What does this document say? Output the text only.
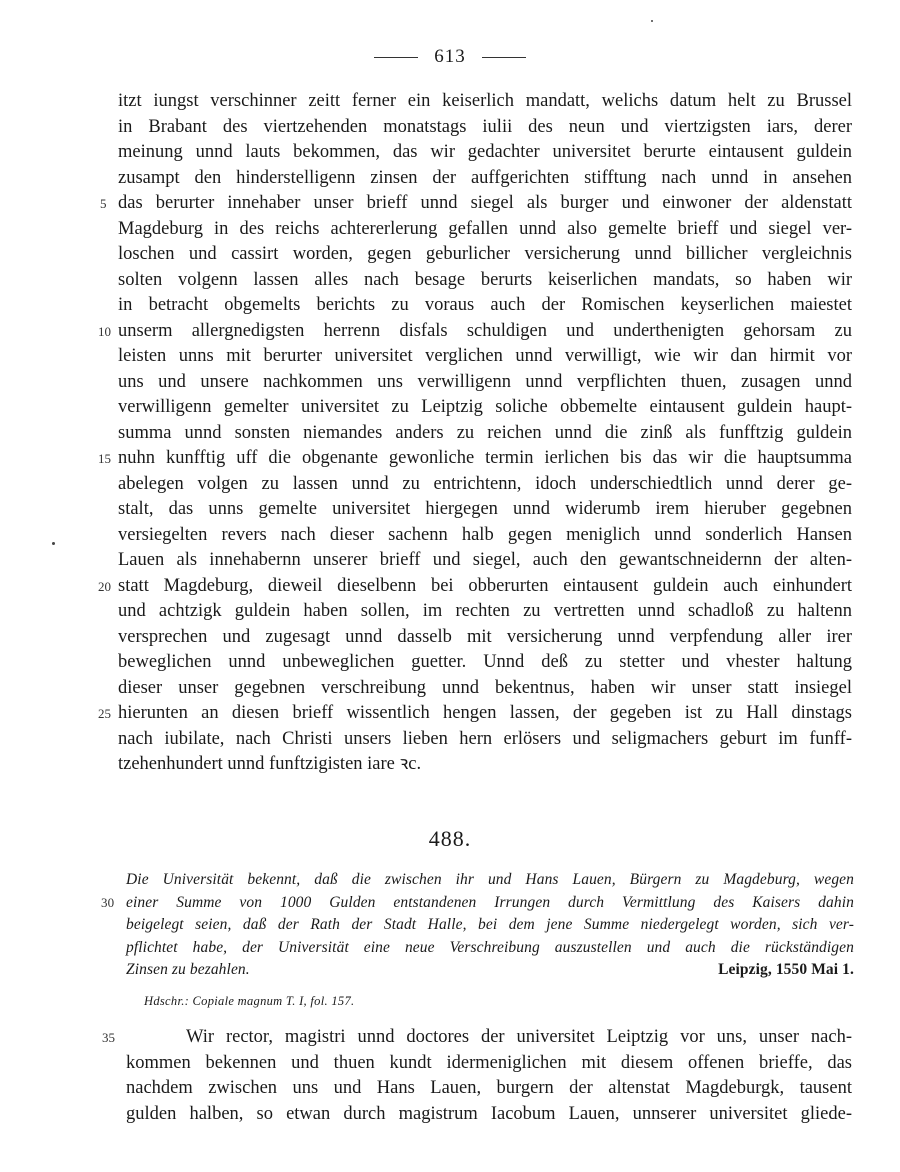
613
itzt iungst verschinner zeitt ferner ein keiserlich mandatt, welichs datum helt zu Brussel
in Brabant des viertzehenden monatstags iulii des neun und viertzigsten iars, derer
meinung unnd lauts bekommen, das wir gedachter universitet berurte eintausent guldein
zusampt den hinderstelligenn zinsen der auffgerichten stifftung nach unnd in ansehen
5 das berurter innehaber unser brieff unnd siegel als burger und einwoner der aldenstatt
Magdeburg in des reichs achtererlerung gefallen unnd also gemelte brieff und siegel ver-
loschen und cassirt worden, gegen geburlicher versicherung unnd billicher vergleichnis
solten volgenn lassen alles nach besage berurts keiserlichen mandats, so haben wir
in betracht obgemelts berichts zu voraus auch der Romischen keyserlichen maiestet
10 unserm allergnedigsten herrenn disfals schuldigen und underthenigten gehorsam zu
leisten unns mit berurter universitet verglichen unnd verwilligt, wie wir dan hirmit vor
uns und unsere nachkommen uns verwilligenn unnd verpflichten thuen, zusagen unnd
verwilligenn gemelter universitet zu Leiptzig soliche obbemelte eintausent guldein haupt-
summa unnd sonsten niemandes anders zu reichen unnd die zinß als funfftzig guldein
15 nuhn kunfftig uff die obgenante gewonliche termin ierlichen bis das wir die hauptsumma
abelegen volgen zu lassen unnd zu entrichtenn, idoch underschiedtlich unnd derer ge-
stalt, das unns gemelte universitet hiergegen unnd widerumb irem hieruber gegebnen
versiegelten revers nach dieser sachenn halb gegen meniglich unnd sonderlich Hansen
Lauen als innehabernn unserer brieff und siegel, auch den gewantschneidernn der alten-
20 statt Magdeburg, dieweil dieselbenn bei obberurten eintausent guldein auch einhundert
und achtzigk guldein haben sollen, im rechten zu vertretten unnd schadloß zu haltenn
versprechen und zugesagt unnd dasselb mit versicherung unnd verpfendung aller irer
beweglichen unnd unbeweglichen guetter. Unnd deß zu stetter und vhester haltung
dieser unser gegebnen verschreibung unnd bekentnus, haben wir unser statt insiegel
25 hierunten an diesen brieff wissentlich hengen lassen, der gegeben ist zu Hall dinstags
nach iubilate, nach Christi unsers lieben hern erlösers und seligmachers geburt im funff-
tzehenhundert unnd funftzigisten iare ꝛc.
488.
Die Universität bekennt, daß die zwischen ihr und Hans Lauen, Bürgern zu Magdeburg, wegen
30 einer Summe von 1000 Gulden entstandenen Irrungen durch Vermittlung des Kaisers dahin
beigelegt seien, daß der Rath der Stadt Halle, bei dem jene Summe niedergelegt worden, sich ver-
pflichtet habe, der Universität eine neue Verschreibung auszustellen und auch die rückständigen
Zinsen zu bezahlen.	Leipzig, 1550 Mai 1.
Hdschr.: Copiale magnum T. I, fol. 157.
35	Wir rector, magistri unnd doctores der universitet Leiptzig vor uns, unser nach-
kommen bekennen und thuen kundt idermeniglichen mit diesem offenen brieffe, das
nachdem zwischen uns und Hans Lauen, burgern der altenstat Magdeburgk, tausent
gulden halben, so etwan durch magistrum Iacobum Lauen, unnserer universitet gliede-
